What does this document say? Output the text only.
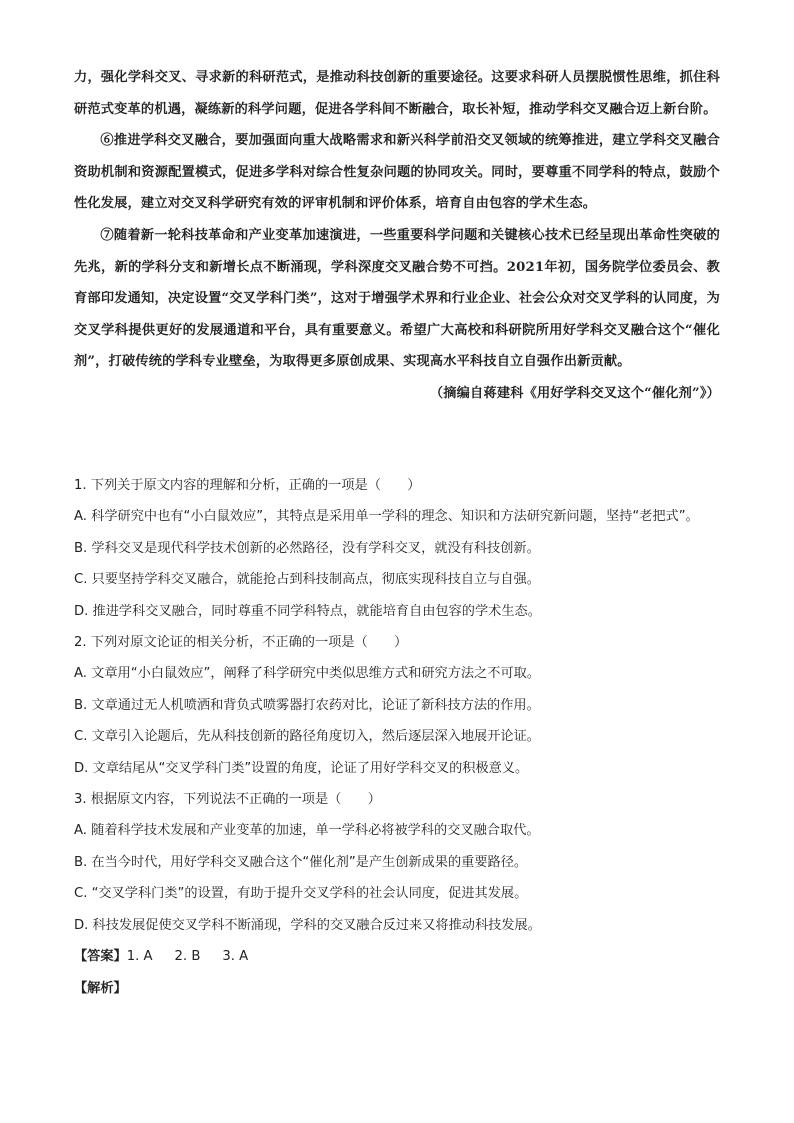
力，强化学科交叉、寻求新的科研范式，是推动科技创新的重要途径。这要求科研人员摆脱惯性思维，抓住科研范式变革的机遇，凝练新的科学问题，促进各学科间不断融合，取长补短，推动学科交叉融合迈上新台阶。

⑥推进学科交叉融合，要加强面向重大战略需求和新兴科学前沿交叉领域的统筹推进，建立学科交叉融合资助机制和资源配置模式，促进多学科对综合性复杂问题的协同攻关。同时，要尊重不同学科的特点，鼓励个性化发展，建立对交叉科学研究有效的评审机制和评价体系，培育自由包容的学术生态。

⑦随着新一轮科技革命和产业变革加速演进，一些重要科学问题和关键核心技术已经呈现出革命性突破的先兆，新的学科分支和新增长点不断涌现，学科深度交叉融合势不可挡。2021年初，国务院学位委员会、教育部印发通知，决定设置“交叉学科门类”，这对于增强学术界和行业企业、社会公众对交叉学科的认同度，为交叉学科提供更好的发展通道和平台，具有重要意义。希望广大高校和科研院所用好学科交叉融合这个“催化剂”，打破传统的学科专业壁垒，为取得更多原创成果、实现高水平科技自立自强作出新贡献。

（摘编自蒋建科《用好学科交叉这个“催化剂”》）

1. 下列关于原文内容的理解和分析，正确的一项是（　　）

A. 科学研究中也有“小白鼠效应”，其特点是采用单一学科的理念、知识和方法研究新问题，坚持“老把式”。

B. 学科交叉是现代科学技术创新的必然路径，没有学科交叉，就没有科技创新。

C. 只要坚持学科交叉融合，就能抢占到科技制高点，彻底实现科技自立与自强。

D. 推进学科交叉融合，同时尊重不同学科特点，就能培育自由包容的学术生态。

2. 下列对原文论证的相关分析，不正确的一项是（　　）

A. 文章用“小白鼠效应”，阐释了科学研究中类似思维方式和研究方法之不可取。

B. 文章通过无人机喷洒和背负式喷雾器打农药对比，论证了新科技方法的作用。

C. 文章引入论题后，先从科技创新的路径角度切入，然后逐层深入地展开论证。

D. 文章结尾从“交叉学科门类”设置的角度，论证了用好学科交叉的积极意义。

3. 根据原文内容，下列说法不正确的一项是（　　）

A. 随着科学技术发展和产业变革的加速，单一学科必将被学科的交叉融合取代。

B. 在当今时代，用好学科交叉融合这个“催化剂”是产生创新成果的重要路径。

C. “交叉学科门类”的设置，有助于提升交叉学科的社会认同度，促进其发展。

D. 科技发展促使交叉学科不断涌现，学科的交叉融合反过来又将推动科技发展。

【答案】1. A 2. B 3. A

【解析】
